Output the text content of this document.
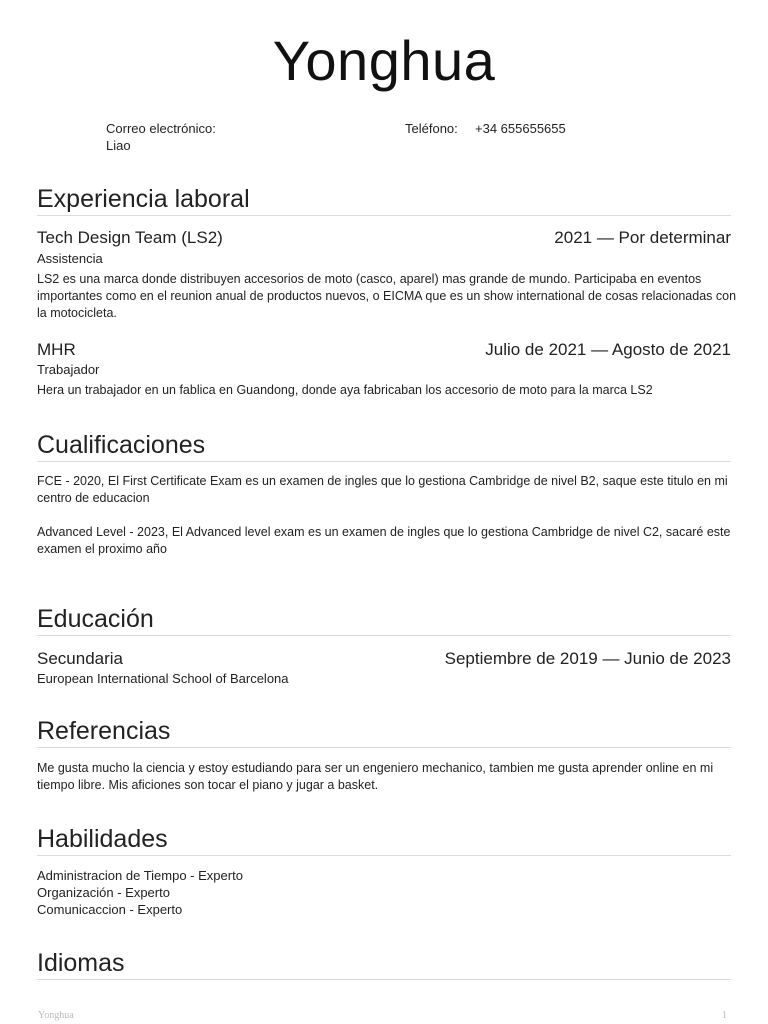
Yonghua
Correo electrónico:
Liao
Teléfono: +34 655655655
Experiencia laboral
Tech Design Team (LS2)	2021 — Por determinar
Assistencia
LS2 es una marca donde distribuyen accesorios de moto (casco, aparel) mas grande de mundo. Participaba en eventos importantes como en el reunion anual de productos nuevos, o EICMA que es un show international de cosas relacionadas con la motocicleta.
MHR	Julio de 2021 — Agosto de 2021
Trabajador
Hera un trabajador en un fablica en Guandong, donde aya fabricaban los accesorio de moto para la marca LS2
Cualificaciones
FCE - 2020, El First Certificate Exam es un examen de ingles que lo gestiona Cambridge de nivel B2, saque este titulo en mi centro de educacion
Advanced Level - 2023, El Advanced level exam es un examen de ingles que lo gestiona Cambridge de nivel C2, sacaré este examen el proximo año
Educación
Secundaria	Septiembre de 2019 — Junio de 2023
European International School of Barcelona
Referencias
Me gusta mucho la ciencia y estoy estudiando para ser un engeniero mechanico, tambien me gusta aprender online en mi tiempo libre. Mis aficiones son tocar el piano y jugar a basket.
Habilidades
Administracion de Tiempo - Experto
Organización - Experto
Comunicaccion - Experto
Idiomas
Yonghua	1
